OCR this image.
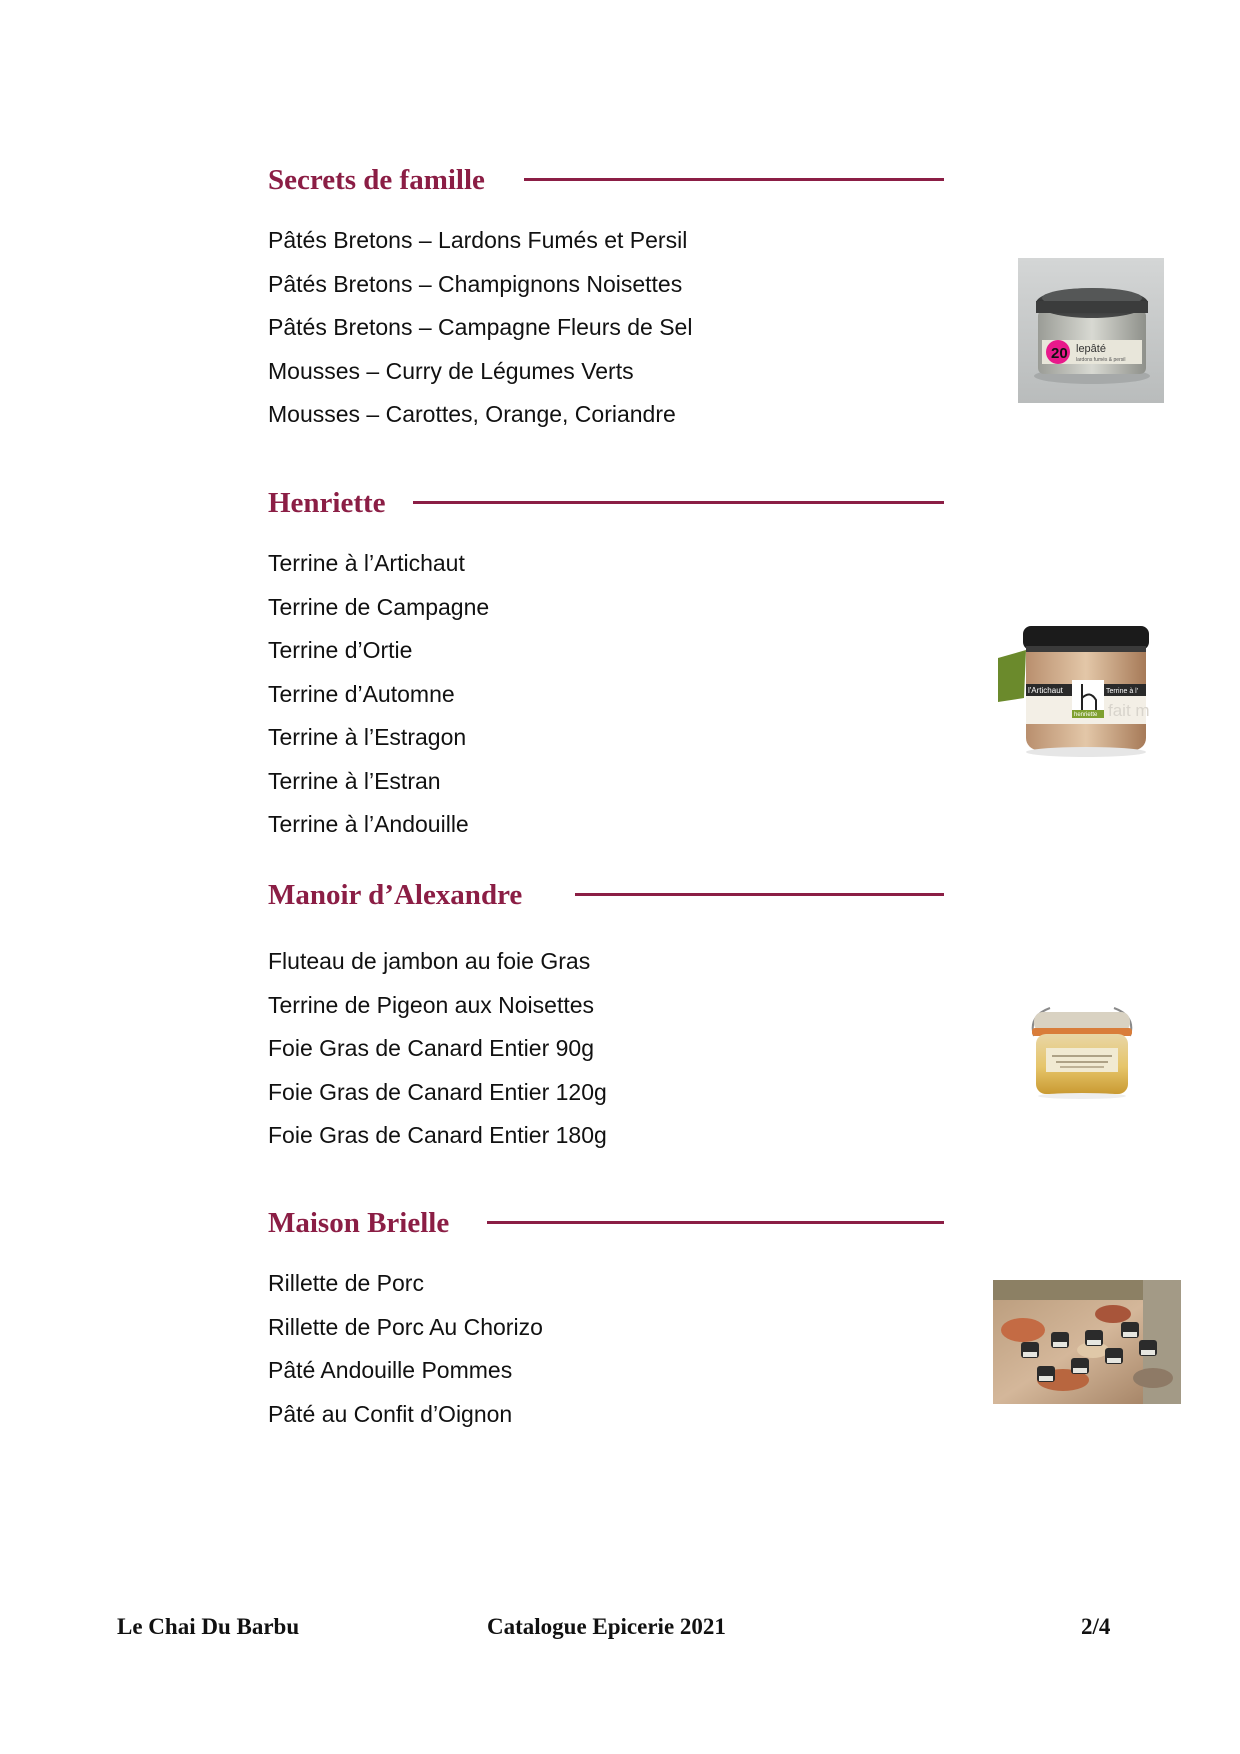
Secrets de famille
Pâtés Bretons – Lardons Fumés et Persil
Pâtés Bretons – Champignons Noisettes
Pâtés Bretons – Campagne Fleurs de Sel
Mousses – Curry de Légumes Verts
Mousses – Carottes, Orange, Coriandre
20 lepâté
lardons fumés & persil
Henriette
Terrine à l’Artichaut
Terrine de Campagne
Terrine d’Ortie
Terrine d’Automne
Terrine à l’Estragon
Terrine à l’Estran
Terrine à l’Andouille
l'Artichaut	Terrine à l'
henriette fait m
Manoir d’Alexandre
Fluteau de jambon au foie Gras
Terrine de Pigeon aux Noisettes
Foie Gras de Canard Entier 90g
Foie Gras de Canard Entier 120g
Foie Gras de Canard Entier 180g
Maison Brielle
Rillette de Porc
Rillette de Porc Au Chorizo
Pâté Andouille Pommes
Pâté au Confit d’Oignon
Le Chai Du Barbu	Catalogue Epicerie 2021	2/4
